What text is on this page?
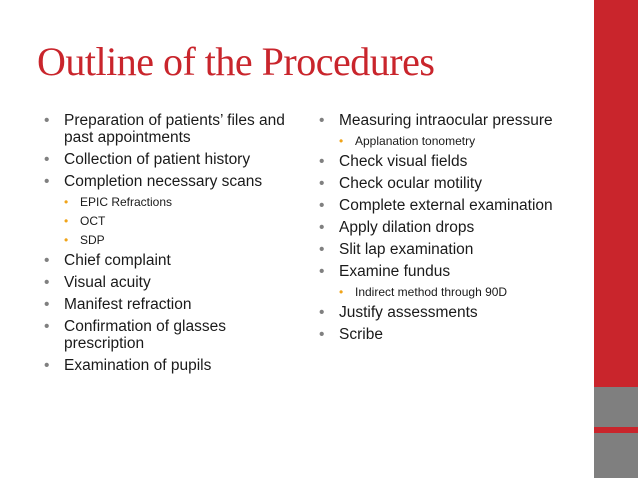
Outline of the Procedures
• Preparation of patients’ files and past appointments
• Collection of patient history
• Completion necessary scans
• EPIC Refractions
• OCT
• SDP
• Chief complaint
• Visual acuity
• Manifest refraction
• Confirmation of glasses prescription
• Examination of pupils
• Measuring intraocular pressure
• Applanation tonometry
• Check visual fields
• Check ocular motility
• Complete external examination
• Apply dilation drops
• Slit lap examination
• Examine fundus
• Indirect method through 90D
• Justify assessments
• Scribe
